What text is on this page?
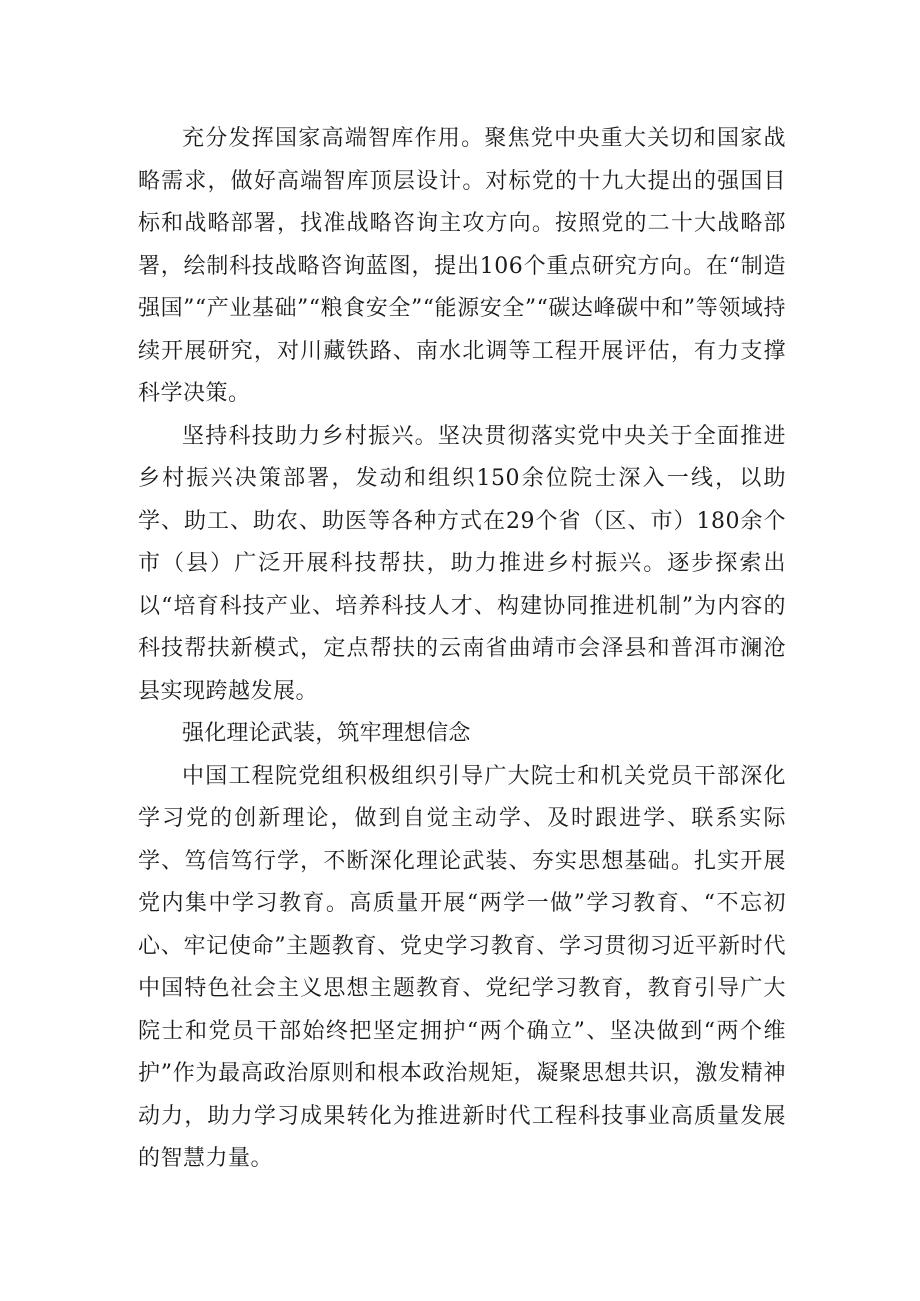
充分发挥国家高端智库作用。聚焦党中央重大关切和国家战略需求，做好高端智库顶层设计。对标党的十九大提出的强国目标和战略部署，找准战略咨询主攻方向。按照党的二十大战略部署，绘制科技战略咨询蓝图，提出106个重点研究方向。在“制造强国”“产业基础”“粮食安全”“能源安全”“碳达峰碳中和”等领域持续开展研究，对川藏铁路、南水北调等工程开展评估，有力支撑科学决策。

坚持科技助力乡村振兴。坚决贯彻落实党中央关于全面推进乡村振兴决策部署，发动和组织150余位院士深入一线，以助学、助工、助农、助医等各种方式在29个省（区、市）180余个市（县）广泛开展科技帮扶，助力推进乡村振兴。逐步探索出以“培育科技产业、培养科技人才、构建协同推进机制”为内容的科技帮扶新模式，定点帮扶的云南省曲靖市会泽县和普洱市澜沧县实现跨越发展。

强化理论武装，筑牢理想信念

中国工程院党组积极组织引导广大院士和机关党员干部深化学习党的创新理论，做到自觉主动学、及时跟进学、联系实际学、笃信笃行学，不断深化理论武装、夯实思想基础。扎实开展党内集中学习教育。高质量开展“两学一做”学习教育、“不忘初心、牢记使命”主题教育、党史学习教育、学习贯彻习近平新时代中国特色社会主义思想主题教育、党纪学习教育，教育引导广大院士和党员干部始终把坚定拥护“两个确立”、坚决做到“两个维护”作为最高政治原则和根本政治规矩，凝聚思想共识，激发精神动力，助力学习成果转化为推进新时代工程科技事业高质量发展的智慧力量。
